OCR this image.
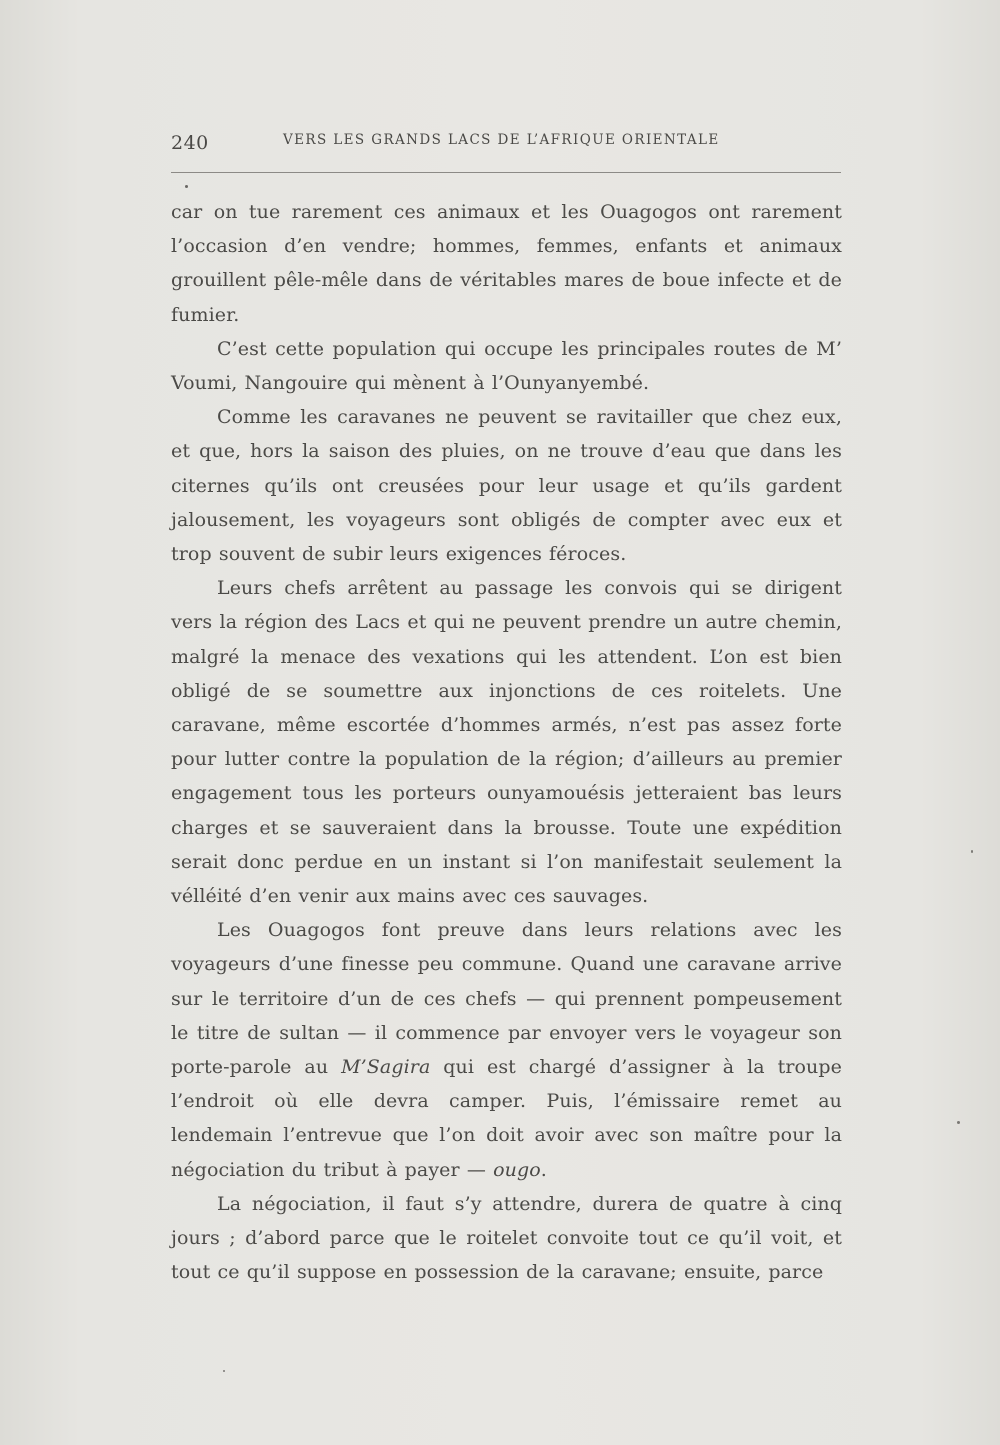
240	VERS LES GRANDS LACS DE L’AFRIQUE ORIENTALE

car on tue rarement ces animaux et les Ouagogos ont rarement l’occasion d’en vendre; hommes, femmes, enfants et animaux grouillent pêle-mêle dans de véritables mares de boue infecte et de fumier.

C’est cette population qui occupe les principales routes de M’ Voumi, Nangouire qui mènent à l’Ounyanyembé.

Comme les caravanes ne peuvent se ravitailler que chez eux, et que, hors la saison des pluies, on ne trouve d’eau que dans les citernes qu’ils ont creusées pour leur usage et qu’ils gardent jalousement, les voyageurs sont obligés de compter avec eux et trop souvent de subir leurs exigences féroces.

Leurs chefs arrêtent au passage les convois qui se dirigent vers la région des Lacs et qui ne peuvent prendre un autre chemin, malgré la menace des vexations qui les attendent. L’on est bien obligé de se soumettre aux injonctions de ces roitelets. Une caravane, même escortée d’hommes armés, n’est pas assez forte pour lutter contre la population de la région; d’ailleurs au premier engagement tous les porteurs ounyamouésis jetteraient bas leurs charges et se sauveraient dans la brousse. Toute une expédition serait donc perdue en un instant si l’on manifestait seulement la vélléité d’en venir aux mains avec ces sauvages.

Les Ouagogos font preuve dans leurs relations avec les voyageurs d’une finesse peu commune. Quand une caravane arrive sur le territoire d’un de ces chefs — qui prennent pompeusement le titre de sultan — il commence par envoyer vers le voyageur son porte-parole au M’Sagira qui est chargé d’assigner à la troupe l’endroit où elle devra camper. Puis, l’émissaire remet au lendemain l’entrevue que l’on doit avoir avec son maître pour la négociation du tribut à payer — ougo.

La négociation, il faut s’y attendre, durera de quatre à cinq jours ; d’abord parce que le roitelet convoite tout ce qu’il voit, et tout ce qu’il suppose en possession de la caravane; ensuite, parce
